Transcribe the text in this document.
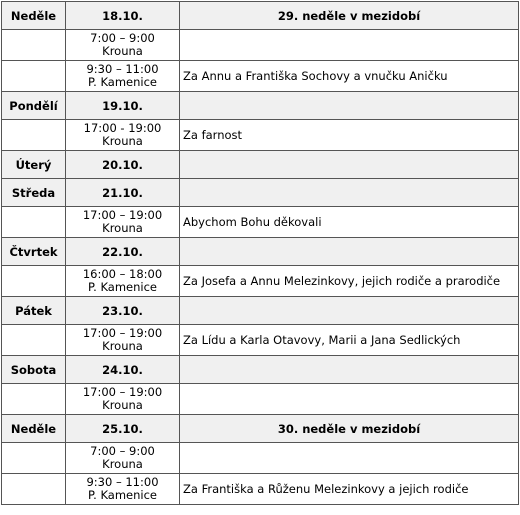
Neděle	18.10.	29. neděle v mezidobí

	7:00 – 9:00
Krouna	

	9:30 – 11:00
P. Kamenice	Za Annu a Františka Sochovy a vnučku Aničku
Pondělí	19.10.	

	17:00 - 19:00
Krouna	Za farnost
Úterý	20.10.	
Středa	21.10.	

	17:00 – 19:00
Krouna	Abychom Bohu děkovali
Čtvrtek	22.10.	

	16:00 – 18:00
P. Kamenice	Za Josefa a Annu Melezinkovy, jejich rodiče a prarodiče
Pátek	23.10.	

	17:00 – 19:00
Krouna	Za Lídu a Karla Otavovy, Marii a Jana Sedlických
Sobota	24.10.	

	17:00 – 19:00
Krouna	

Neděle	25.10.	30. neděle v mezidobí

	7:00 – 9:00
Krouna	

	9:30 – 11:00
P. Kamenice	Za Františka a Růženu Melezinkovy a jejich rodiče
